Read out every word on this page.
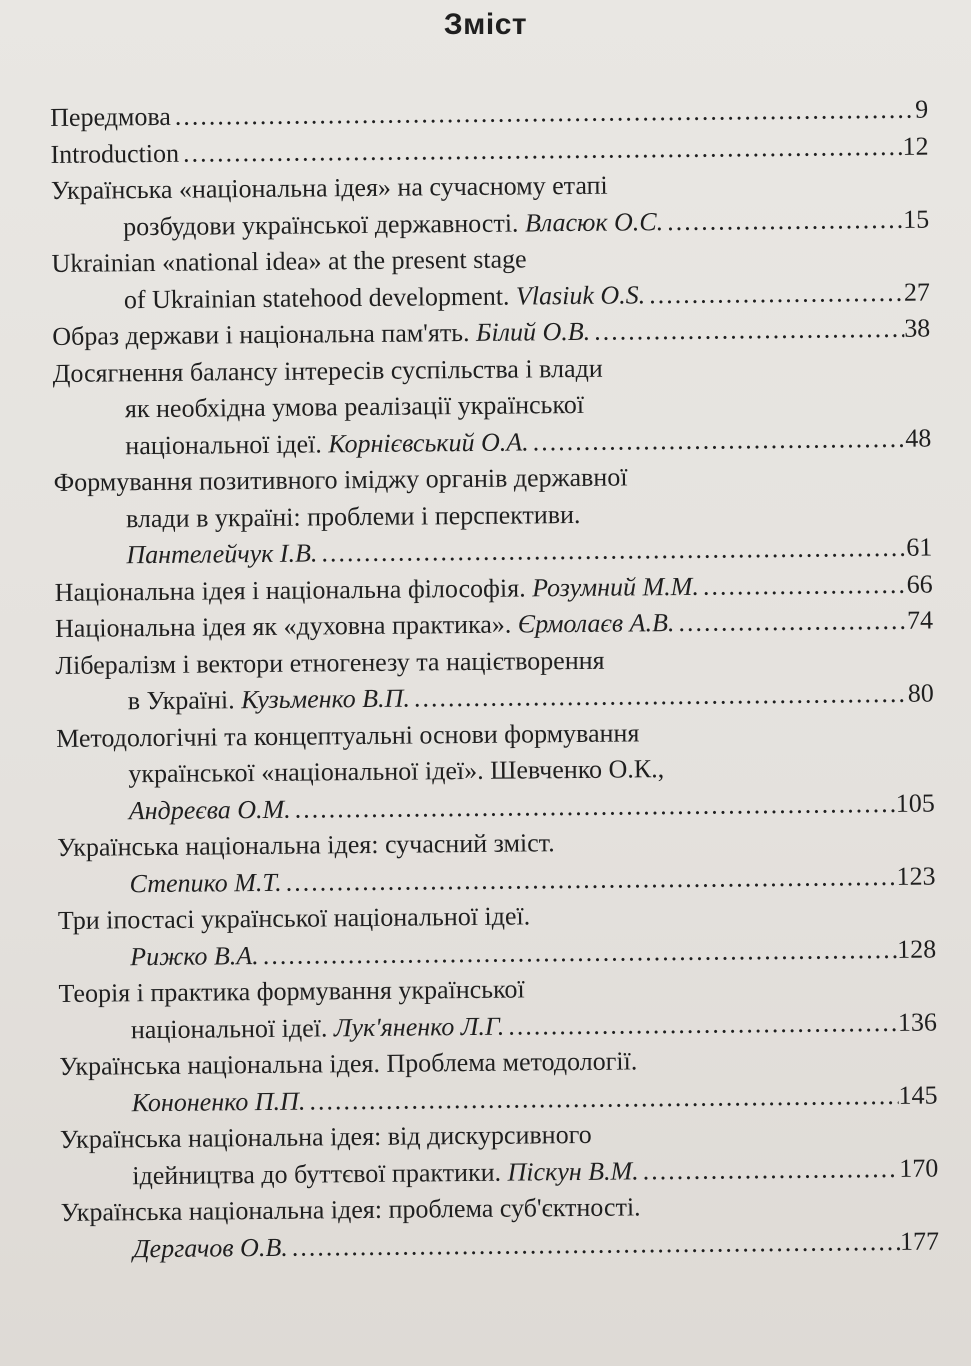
Зміст
Передмова .....	9
Introduction .....	12
Українська «національна ідея» на сучасному етапі
розбудови української державності. Власюк О.С. .....	15
Ukrainian «national idea» at the present stage
of Ukrainian statehood development. Vlasiuk O.S. .....	27
Образ держави і національна пам'ять. Білий О.В. .....	38
Досягнення балансу інтересів суспільства і влади
як необхідна умова реалізації української
національної ідеї. Корнієвський О.А. .....	48
Формування позитивного іміджу органів державної
влади в україні: проблеми і перспективи.
Пантелейчук І.В. .....	61
Національна ідея і національна філософія. Розумний М.М. .....	66
Національна ідея як «духовна практика». Єрмолаєв А.В. .....	74
Лібералізм і вектори етногенезу та націєтворення
в Україні. Кузьменко В.П. .....	80
Методологічні та концептуальні основи формування
української «національної ідеї». Шевченко О.К.,
Андреєва О.М. .....	105
Українська національна ідея: сучасний зміст.
Степико М.Т. .....	123
Три іпостасі української національної ідеї.
Рижко В.А. .....	128
Теорія і практика формування української
національної ідеї. Лук'яненко Л.Г. .....	136
Українська національна ідея. Проблема методології.
Кононенко П.П. .....	145
Українська національна ідея: від дискурсивного
ідейництва до буттєвої практики. Піскун В.М. .....	170
Українська національна ідея: проблема суб'єктності.
Дергачов О.В. .....	177
